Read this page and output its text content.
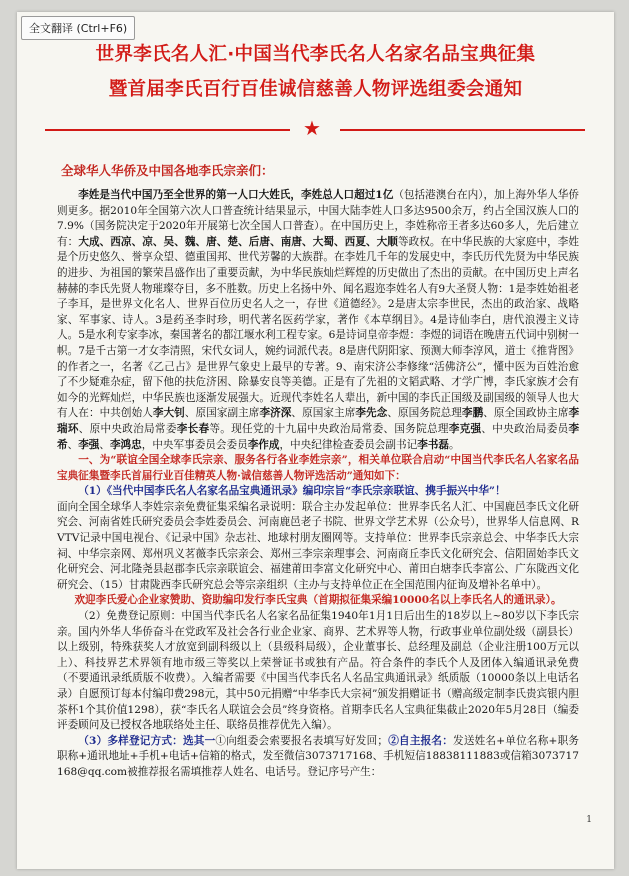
全文翻译 (Ctrl+F6)
世界李氏名人汇·中国当代李氏名人名家名品宝典征集
暨首届李氏百行百佳诚信慈善人物评选组委会通知
★
全球华人华侨及中国各地李氏宗亲们：

李姓是当代中国乃至全世界的第一人口大姓氏，李姓总人口超过1亿（包括港澳台在内），加上海外华人华侨则更多。据2010年全国第六次人口普查统计结果显示，中国大陆李姓人口多达9500余万，约占全国汉族人口的7.9%（国务院决定于2020年开展第七次全国人口普查）。在中国历史上，李姓称帝王者多达60多人，先后建立有：大成、西凉、凉、吴、魏、唐、楚、后唐、南唐、大蜀、西夏、大顺等政权。在中华民族的大家庭中，李姓是个历史悠久、誉享众望、德重国邦、世代芳馨的大族群。在李姓几千年的发展史中，李氏历代先贤为中华民族的进步、为祖国的繁荣昌盛作出了重要贡献，为中华民族灿烂辉煌的历史做出了杰出的贡献。在中国历史上声名赫赫的李氏先贤人物璀璨夺目，多不胜数。历史上名扬中外、闻名遐迩李姓名人有9大圣贤人物：1是李姓始祖老子李耳，是世界文化名人、世界百位历史名人之一，存世《道德经》。2是唐太宗李世民，杰出的政治家、战略家、军事家、诗人。3是药圣李时珍，明代著名医药学家，著作《本草纲目》。4是诗仙李白，唐代浪漫主义诗人。5是水利专家李冰，秦国著名的都江堰水利工程专家。6是诗词皇帝李煜：李煜的词语在晚唐五代词中别树一帜。7是千古第一才女李清照，宋代女词人，婉约词派代表。8是唐代阴阳家、预测大师李淳风，道士《推背图》的作者之一，名著《乙己占》是世界气象史上最早的专著。9、南宋济公李修缘“活佛济公”，懂中医为百姓治愈了不少疑难杂症，留下他的扶危济困、除暴安良等美德。正是有了先祖的文韬武略、才学广博，李氏家族才会有如今的光辉灿烂，中华民族也逐渐发展强大。近现代李姓名人辈出，新中国的李氏正国级及副国级的领导人也大有人在：中共创始人李大钊、原国家副主席李济深、原国家主席李先念、原国务院总理李鹏、原全国政协主席李瑞环、原中央政治局常委李长春等。现任党的十九届中央政治局常委、国务院总理李克强、中央政治局委员李希、李强、李鸿忠，中央军事委员会委员李作成，中央纪律检查委员会副书记李书磊。

一、为“联谊全国全球李氏宗亲、服务各行各业李姓宗亲”，相关单位联合启动“中国当代李氏名人名家名品宝典征集暨李氏首届行业百佳精英人物·诚信慈善人物评选活动”通知如下：

（1）《当代中国李氏名人名家名品宝典通讯录》编印宗旨“李氏宗亲联谊、携手振兴中华”！

面向全国全球华人李姓宗亲免费征集采编名录说明：联合主办发起单位：世界李氏名人汇、中国鹿邑李氏文化研究会、河南省姓氏研究委员会李姓委员会、河南鹿邑老子书院、世界文学艺术界（公众号），世界华人信息网、RVTV记录中国电视台、《记录中国》杂志社、地球村朋友圈网等。支持单位：世界李氏宗亲总会、中华李氏大宗祠、中华宗亲网、郑州巩义茗薇李氏宗亲会、郑州三李宗亲理事会、河南商丘李氏文化研究会、信阳固始李氏文化研究会、河北隆尧县赵郡李氏宗亲联谊会、福建莆田李富文化研究中心、莆田白塘李氏李富公、广东陇西文化研究会、（15）甘肃陇西李氏研究总会等宗亲组织（主办与支持单位正在全国范围内征询及增补名单中）。

欢迎李氏爱心企业家赞助、资助编印发行李氏宝典（首期拟征集采编10000名以上李氏名人的通讯录）。

（2）免费登记原则：中国当代李氏名人名家名品征集1940年1月1日后出生的18岁以上~80岁以下李氏宗亲。国内外华人华侨奋斗在党政军及社会各行业企业家、商界、艺术界等人物，行政事业单位副处级（副县长）以上级别，特殊获奖人才放宽到副科级以上（县级科局级），企业董事长、总经理及副总（企业注册100万元以上）、科技界艺术界领有地市级三等奖以上荣誉证书或独有产品。符合条件的李氏个人及团体入编通讯录免费（不要通讯录纸质版不收费）。入编者需要《中国当代李氏名人名品宝典通讯录》纸质版（10000条以上电话名录）自愿预订每本付编印费298元，其中50元捐赠“中华李氏大宗祠”颁发捐赠证书（赠高级定制李氏贵宾银内胆茶杯1个其价值1298），获“李氏名人联谊会会员”终身资格。首期李氏名人宝典征集截止2020年5月28日（编委评委顾问及已授权各地联络处主任、联络员推荐优先入编）。

（3）多样登记方式：选其一①向组委会索要报名表填写好发回；②自主报名：发送姓名+单位名称+职务职称+通讯地址+手机+电话+信箱的格式，发至微信3073717168、手机短信18838111883或信箱3073717168@qq.com被推荐报名需填推荐人姓名、电话号。登记序号产生：

1
